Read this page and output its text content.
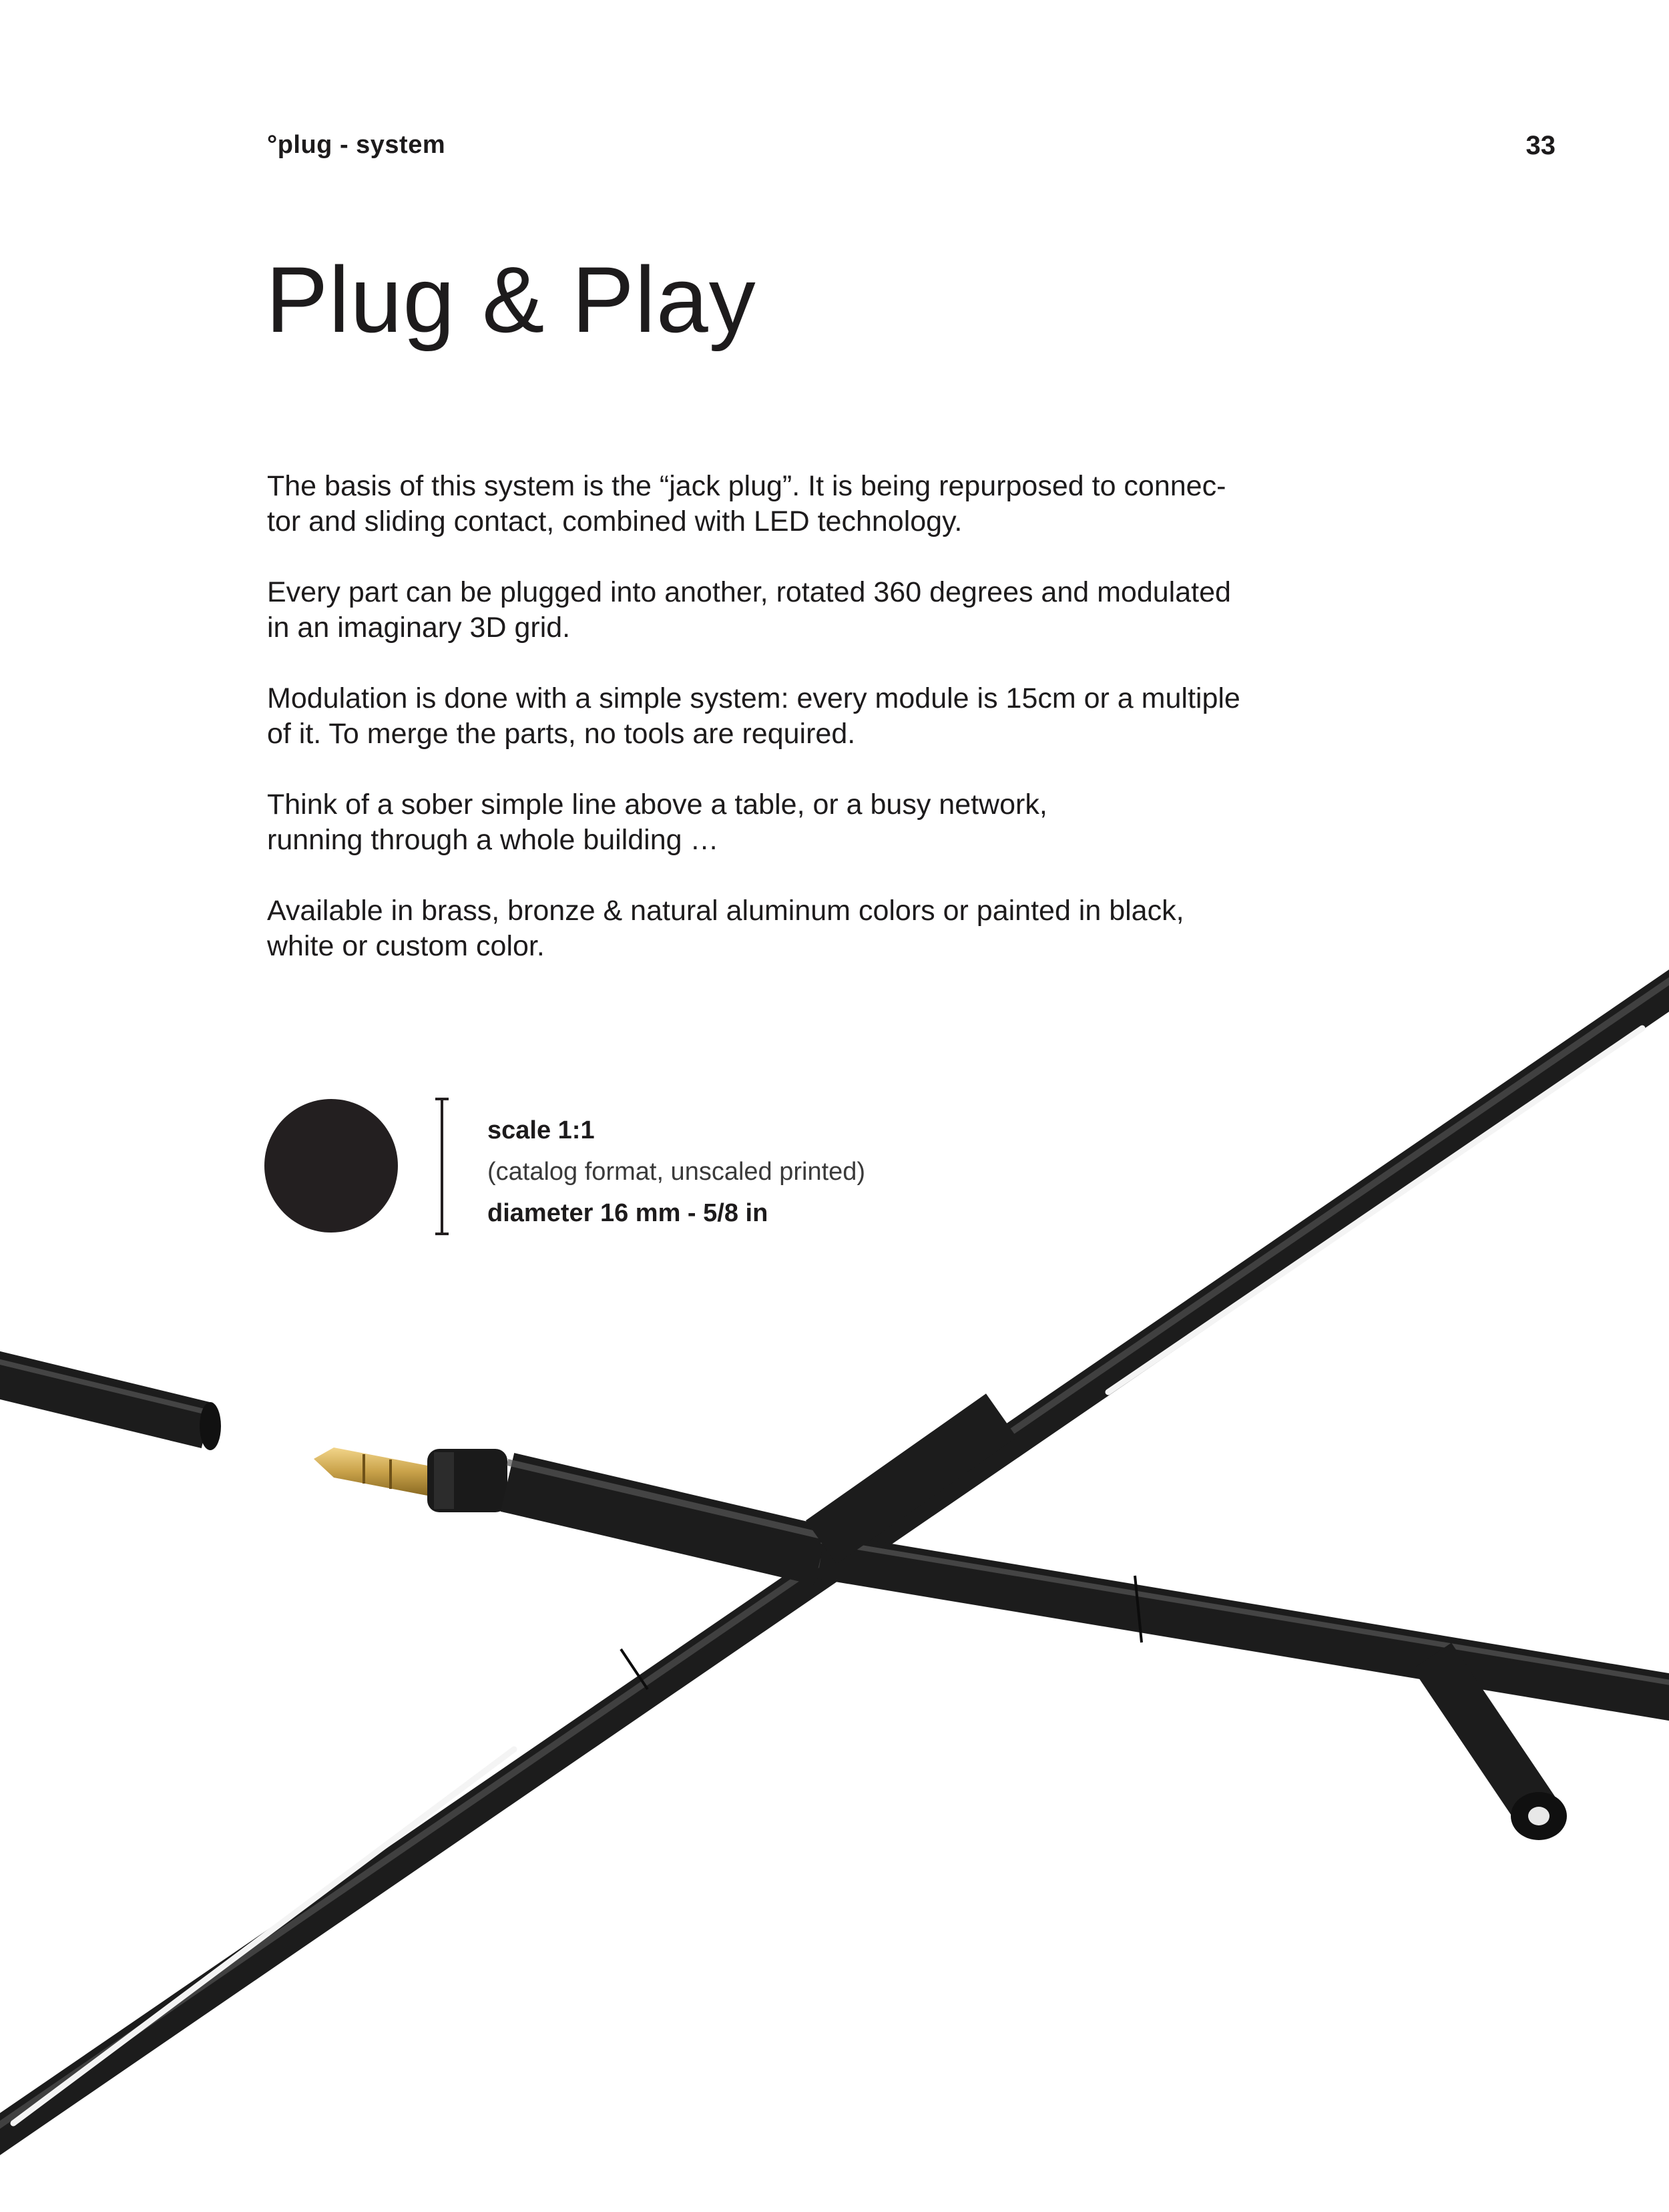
°plug - system	33
Plug & Play

The basis of this system is the “jack plug”. It is being repurposed to connec-
tor and sliding contact, combined with LED technology.

Every part can be plugged into another, rotated 360 degrees and modulated
in an imaginary 3D grid.

Modulation is done with a simple system: every module is 15cm or a multiple
of it. To merge the parts, no tools are required.

Think of a sober simple line above a table, or a busy network,
running through a whole building …

Available in brass, bronze & natural aluminum colors or painted in black,
white or custom color.

scale 1:1
(catalog format, unscaled printed)
diameter 16 mm - 5/8 in
